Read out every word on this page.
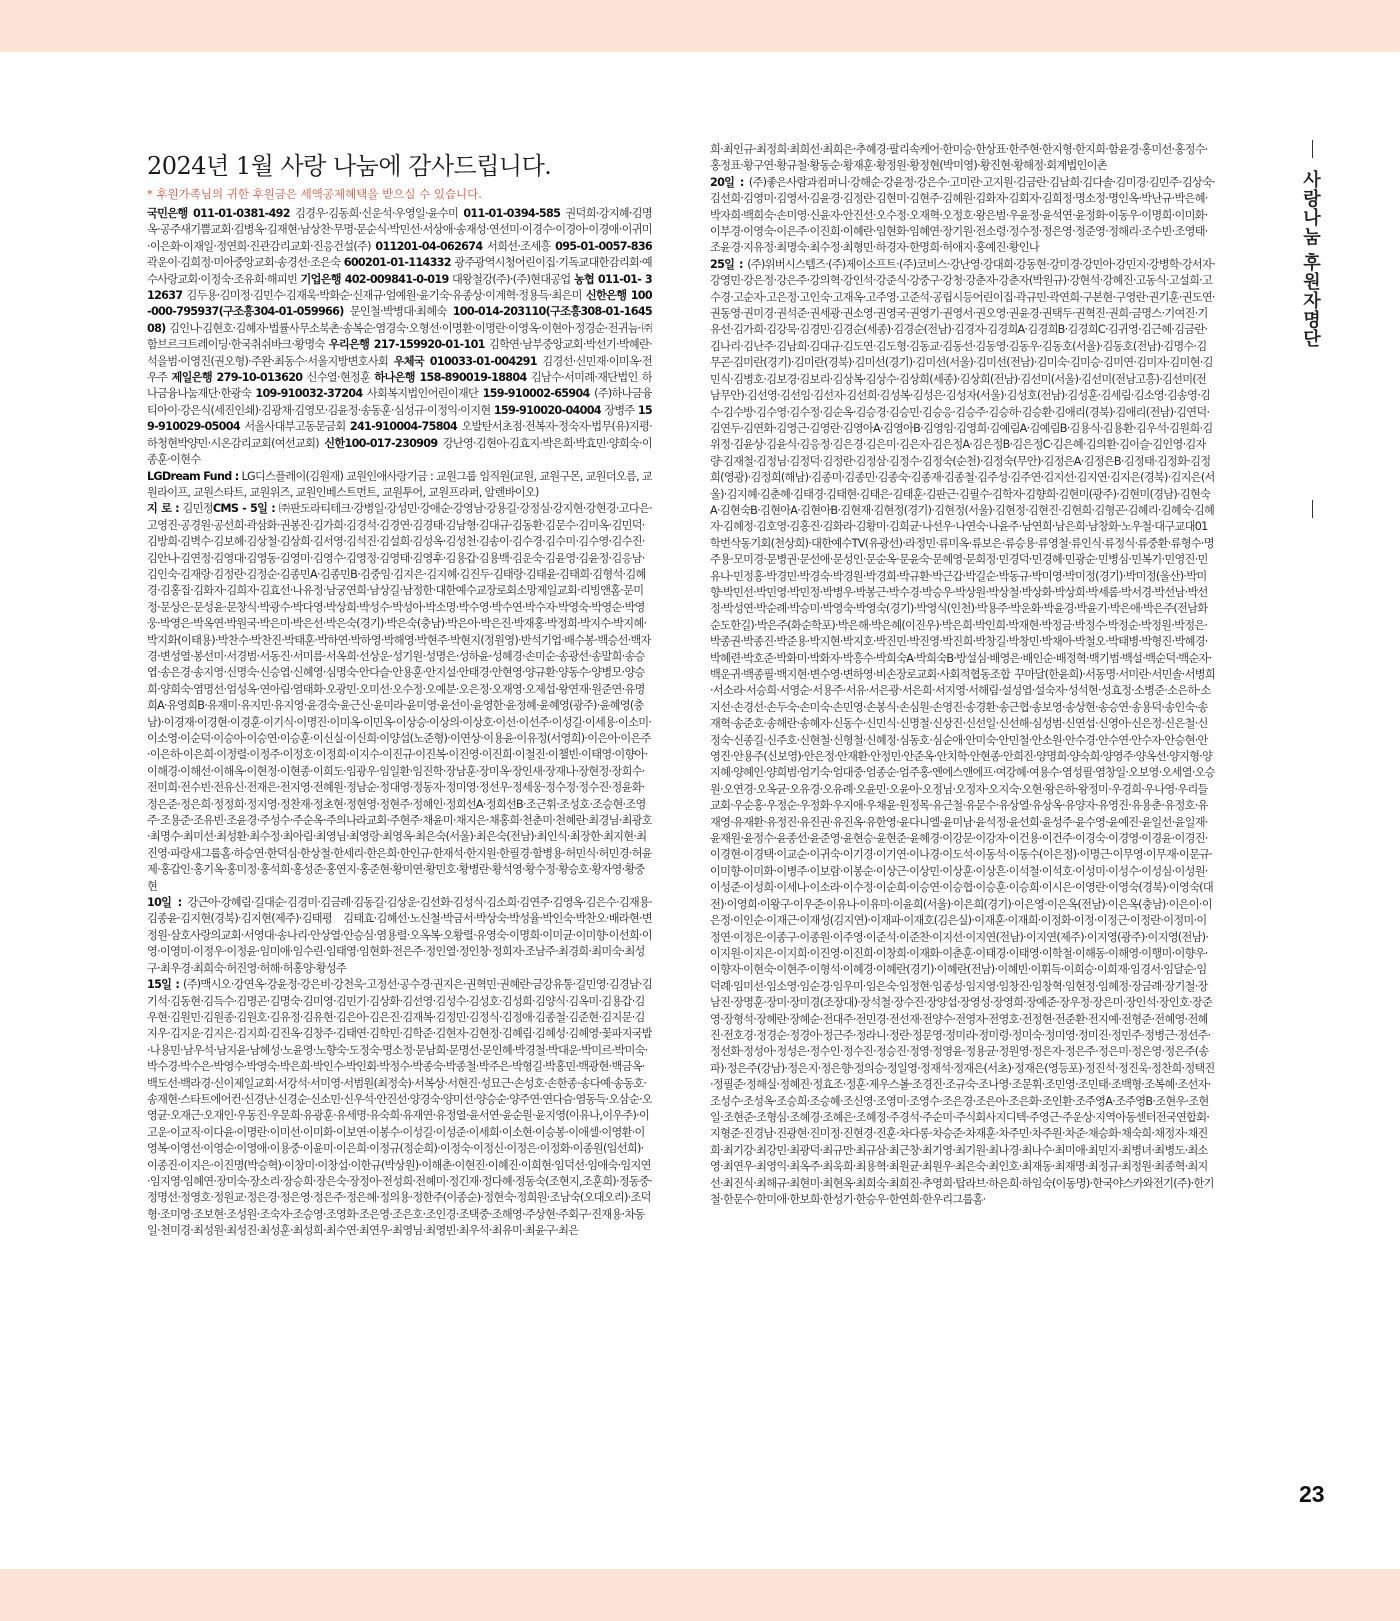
2024년 1월 사랑 나눔에 감사드립니다.
* 후원가족님의 귀한 후원금은 세액공제혜택을 받으실 수 있습니다.

국민은행 011-01-0381-492 김경우·김동희·신운석·우영일·윤수미 011-01-0394-585 권덕희·강지혜·김명옥·공주새기쁨교회·김병옥·김재현·남상찬·무명·문순식·박민선·서상애·송재성·연선미·이경수·이경아·이경애·이귀미·이은화·이재일·정연희·진관감리교회·진응건설(주) 011201-04-062674 서희선·조세흥 095-01-0057-836 곽운이·김희정·미아중앙교회·송경선·조은숙 600201-01-114332 광주광역시청어린이집·기독교대한감리회·예수사랑교회·이정숙·조유희·해피빈 기업은행 402-009841-0-019 대왕철강(주)·(주)현대공업 농협 011-01- 312637 김두용·김미정·김민수·김재욱·박화순·신재규·엄예원·윤기숙·유종상·이계혁·정용득·최은미 신한은행 100-000-795937(구조흥304-01-059966) 문인철·박병대·최혜숙 100-014-203110(구조흥308-01-164508) 김인나·김현호·김혜자·법률사무소북촌·송복순·염경숙·오형선·이명환·이명란·이영옥·이현아·정경순·전귀늠·㈜함브르크트레이딩·한국취쉬바크·황명숙 우리은행 217-159920-01-101 김학연·남부중앙교회·박선기·박혜란·석을범·이영진(권오형)·주완·최동수·서울지방변호사회 우체국 010033-01-004291 김경선·신민재·이미옥·전우주 제일은행 279-10-013620 신수열·현정훈 하나은행 158-890019-18804 김남수·서미례·재단법인 하나금융나눔재단·한광숙 109-910032-37204 사회복지법인어린이재단 159-910002-65904 (주)하나금융티아이·강은식(세진인쇄)·김광채·김영모·김윤정·송동훈·심성규·이정익·이지현 159-910020-04004 장병주 159-910029-05004 서울사대부고동문금회 241-910004-75804 오발탄서초점·전복자·정숙자·법무(유)지평·하청현박양민·시온감리교회(여선교회) 신한100-017-230909 강난영·김현아·김효지·박은희·박효민·양희숙·이종훈·이현수

LGDream Fund : LG디스플레이(김원재) 교원인애사랑기금 : 교원그룹 임직원(교원, 교원구몬, 교원더오름, 교원라이프, 교원스타트, 교원위즈, 교원인베스트먼트, 교원투어, 교원프라퍼, 알렌바이오)

지 로 : 김민정CMS - 5일 : ㈜판도라티테크·강병일·강성민·강애순·강영남·강용길·강정심·강지현·강현경·고다은·고영진·공경원·공선희·곽삼화·권봉진·김가희·김경석·김경연·김경태·김남형·김대규·김동환·김문수·김미옥·김민덕·김방희·김벽수·김보혜·김상철·김상희·김서영·김석진·김설희·김성옥·김성천·김송이·김수경·김수미·김수영·김수진·김안나·김연정·김영대·김영동·김영미·김영수·김영정·김영태·김영후·김용갑·김용백·김운숙·김윤영·김윤정·김응남·김인숙·김재랑·김정란·김정순·김종민A·김종민B·김중임·김지은·김지혜·김진두·김태랑·김태윤·김태희·김형석·김혜경·김홍집·김화자·김희자·김효선·나유정·남궁연희·남상길·남정한·대한예수교장로회소망제일교회·리빙앤홈·문미정·문상은·문성윤·문창식·박광수·박다영·박상희·박성수·박성아·박소명·박수영·박수연·박수자·박영숙·박영순·박영웅·박영은·박옥연·박원국·박은미·박은선·박은숙(경기)·박은숙(충남)·박은아·박은진·박재홍·박정희·박지수·박지혜·박지화(이태용)·박찬수·박찬진·박태훈·박하연·박하영·박해영·박현주·박현지(정원영)·반석기업·배수봉·백승선·백자경·변성열·봉선미·서경범·서동진·서미름·서옥희·선상운·성기원·성명은·성하윤·성혜경·손미순·송광선·송말희·송승엽·송은경·송지영·신명숙·신승엽·신혜영·심명숙·안다슬·안용훈·안지설·안태경·안현영·양규환·양동수·양병모·양승희·양희숙·염명선·엄성옥·연아림·염태화·오광민·오미선·오수정·오예분·오은정·오재영·오제섭·왕연재·원준연·유명희A·유영희B·유재미·유지민·유지영·윤경숙·윤근신·윤미라·윤미영·윤선이·윤영한·윤정혜·윤혜영(광주)·윤혜영(충남)·이경재·이경현·이경훈·이기식·이명진·이미옥·이민옥·이상승·이상의·이상호·이선·이선주·이성길·이세용·이소미·이소영·이순덕·이승아·이승연·이승훈·이신실·이신희·이양섭(노준형)·이연상·이용윤·이유정(서영희)·이은아·이은주·이은하·이은희·이정렬·이정주·이정호·이정희·이지수·이진규·이진복·이진영·이진희·이철진·이챌빈·이태영·이향아·이해경·이해선·이해옥·이현정·이현종·이희도·임광우·임일환·임진학·장남훈·장미옥·장인새·장재나·장현정·장희수·전미희·전수빈·전유신·전재은·전지영·전혜원·정남순·정대영·정동자·정미영·정선우·정세웅·정수정·정수진·정윤화·정은준·정은희·정정희·정지영·정찬재·정초현·정현영·정현주·정혜인·정희선A·정희선B·조근휘·조성호·조승현·조영주·조용준·조유빈·조윤경·주성수·주순옥·주의나라교회·주현주·채윤미·채지은·채홍희·천춘미·천혜란·최경님·최광호·최명수·최미선·최성환·최수정·최아림·최영님·최영랑·최영옥·최은숙(서울)·최은숙(전남)·최인식·최장한·최지현·최진영·파랑새그룹홈·하승연·한덕심·한상철·한세리·한은희·한인규·한재석·한지원·한필경·함병용·허민식·허민경·허윤제·홍갑인·홍기옥·홍미정·홍석희·홍성준·홍연지·홍준현·황미연·황민호·황병란·황석영·황수정·황승호·황자영·황중현

10일 : 강근아·강혜림·길대순·김경미·김금례·김동길·김상운·김선화·김성식·김소희·김연주·김영옥·김은수·김재용·김종윤·김지현(경북)·김지현(제주)·김태평 김태효·김혜선·노신철·박금서·박상숙·박성율·박인숙·박찬오·배라현·변정원·삼호사랑의교회·서영대·송나리·안상열·안승심·염용렬·오옥복·오황렬·유영숙·이명희·이미균·이미향·이선희·이영·이영미·이정우·이정윤·임미애·임수린·임태영·임현화·전은주·정인열·정인창·정희자·조남주·최경희·최미숙·최성구·최우경·최희숙·허진영·허해·허홍양·황성주

15일 : (주)맥시오·강연옥·강윤정·강은비·강천욱·고정선·공수경·권지은·권혁민·권혜란·금강유통·길민영·김경남·김기석·김동현·김득수·김명곤·김명숙·김미영·김민기·김상화·김선영·김성수·김성호·김성희·김양식·김옥미·김용갑·김우현·김원민·김원종·김원호·김유정·김유현·김은아·김은진·김재복·김정민·김정식·김정애·김종철·김준현·김지문·김지우·김지운·김지은·김지희·김진옥·김창주·김태연·김학민·김학준·김현자·김현정·김혜림·김혜성·김혜영·꽃파지국밥·나용민·남우석·남지윤·남혜성·노윤영·노향숙·도정숙·명소정·문남희·문명선·문인혜·박경철·박대운·박미르·박미숙·박수경·박수은·박영수·박영숙·박은희·박인수·박인회·박정수·박종숙·박종철·박주은·박형길·박홍민·백광현·백금옥·백도선·백라경·신이제일교회·서강석·서미영·서범원(최정숙)·서복상·서현진·성묘근·손성호·손한종·송다예·송동호·송재현·스타트에어컨·신경난·신경순·신소민·신우석·안진선·양경숙·양미선·양승순·양주연·연다슴·염동득·오삼순·오영균·오재근·오재인·우동진·우문희·유광훈·유세명·유숙희·유재연·유정열·윤서연·윤순원·윤지영(이유나,이우주)·이고운·이교직·이다윤·이명란·이미선·이미화·이보연·이봉수·이성길·이성준·이세희·이소현·이승봉·이애셀·이영환·이영복·이영선·이영순·이영애·이용중·이윤미·이은희·이정규(정순희)·이정숙·이정신·이정은·이정화·이종원(임선희)·이종진·이지은·이진명(박승혁)·이창미·이창섭·이한규(박상원)·이해춘·이현진·이혜진·이희현·임덕선·임애숙·임지연·임지영·임혜연·장미숙·장소리·장승희·장은숙·장정아·전성희·전혜미·정긴재·정다혜·정동숙(조현지,조훈희)·정동중·정명선·정영호·정원교·정은경·정은영·정은주·정은혜·정의용·정한주(이종순)·정현숙·정희원·조남숙(오대오리)·조덕형·조미영·조보현·조성원·조숙자·조승영·조영화·조은영·조은호·조인경·조택중·조해영·주상현·주회구·진재용·차동일·천미경·최성원·최성진·최성훈·최성희·최수연·최연우·최영님·최영빈·최우석·최유미·최윤구·최은

희·최인규·최정희·최희선·최희은·추혜경·팔리속케어·한미승·한상표·한주현·한지형·한지희·함윤경·홍미선·홍정수·홍정표·황구연·황규철·황동순·황재훈·황정원·황정현(박미영)·황진현·황해정·회계법인이촌

20일 : (주)좋은사람과컴퍼니·강해순·강윤정·강은수·고미란·고지원·김금란·김남희·김다솔·김미경·김민주·김상숙·김선희·김영미·김영서·김윤경·김정란·김현미·김현주·김혜원·김화자·김회자·김희정·명소정·명인옥·박난규·박은혜·박자희·백희숙·손미영·신윤자·안진선·오수정·오재혁·오정호·왕은범·우윤정·윤석연·윤정화·이동우·이명희·이미화·이부경·이영숙·이은주·이진희·이혜란·임현화·임혜연·장기원·전소령·정수정·정은영·정준영·정해리·조수빈·조영태·조윤경·지유정·최명숙·최수정·최형민·하경자·한명희·허애지·홍예진·황인나

25일 : (주)위버시스템즈·(주)제이소프트·(주)코비스·강난영·강대희·강동현·강미경·강민아·강민지·강병학·강서자·강영민·강은정·강은주·강의혁·강인석·강준식·강중구·강청·강춘자·강춘자(박원규)·강현석·강혜진·고동식·고설희·고수경·고순자·고은정·고인숙·고재옥·고주영·고준석·공립시등어린이집·곽규민·곽연희·구본현·구영란·권기훈·권도연·권동영·권미경·권석준·권세광·권소영·권영국·권영기·권영서·권오영·권윤경·권택두·권혁진·권희·금명스·기여진·기유선·김가희·김강묵·김경민·김경순(세종)·김경순(전남)·김경자·김경희A·김경희B·김경희C·김귀영·김근혜·김금란·김나리·김난주·김남희·김대규·김도연·김도형·김동교·김동선·김동영·김동우·김동호(서울)·김동호(전남)·김명수·김무곤·김미란(경기)·김미란(경북)·김미선(경기)·김미선(서울)·김미선(전남)·김미숙·김미승·김미연·김미자·김미현·김민식·김병호·김보경·김보리·김상복·김상수·김상희(세종)·김상희(전남)·김선미(서울)·김선미(전남고흥)·김선미(전남무안)·김선영·김선임·김선자·김선희·김성복·김성은·김성자(서울)·김성호(전남)·김성훈·김세림·김소영·김송영·김수·김수방·김수영·김수정·김순옥·김승경·김승민·김승응·김승주·김승하·김승환·김애리(경북)·김애리(전남)·김연덕·김연두·김연화·김영근·김영란·김영아A·김영아B·김영임·김영희·김예림A·김예림B·김용식·김용환·김우석·김원희·김위정·김윤상·김윤식·김응정·김은경·김은미·김은자·김은정A·김은정B·김은정C·김은혜·김의환·김이슬·김인영·김자량·김재철·김정님·김정덕·김정란·김정삼·김정수·김정숙(순천)·김정숙(무안)·김정은A·김정은B·김정태·김정화·김정희(영광)·김정희(해남)·김종미·김종민·김종숙·김종재·김종철·김주성·김주연·김지선·김지연·김지은(경북)·김지은(서울)·김지혜·김춘혜·김태경·김태현·김태은·김태훈·김판근·김필수·김학자·김향희·김현미(광주)·김현미(경남)·김현숙A·김현숙B·김현아A·김현아B·김현재·김현정(경기)·김현정(서울)·김현정·김현진·김현희·김형곤·김혜리·김혜숙·김혜자·김혜정·김호영·김홍진·김화라·김황미·김희균·나선우·나연숙·나윤주·남연희·남은희·남창화·노우철·대구교대01학번삭동기회(천상희)·대한예수TV(유광선)·라정민·류미옥·류보은·류승용·류영철·류인식·류정식·류중환·류형수·명주용·모미경·문병권·문선애·문성인·문순옥·문윤숙·문혜영·문희정·민경덕·민경혜·민광순·민병심·민복기·민영진·민유나·민정홍·박경민·박경숙·박경원·박경희·박규환·박근갑·박길순·박동규·박미영·박미정(경기)·박미정(울산)·박미향·박민선·박민영·박민정·박병우·박봉근·박수경·박승우·박상원·박상철·박상화·박상희·박세롬·박서경·박선남·박선정·박성연·박순례·박승미·박영숙·박영숙(경기)·박영식(인천)·박용주·박운화·박윤경·박윤기·박은애·박은주(전남화순도한길)·박은주(화순학포)·박은해·박은혜(이진우)·박은희·박인희·박재현·박정금·박정수·박정순·박정원·박정은·박종권·박종진·박준용·박지현·박지호·박진민·박진영·박진희·박창길·박창민·박채아·박철오·박태병·박형진·박혜경·박혜련·박호준·박화미·박화자·박흥수·박희숙A·박희숙B·방설심·배영은·배인순·배정혁·백기범·백설·백순덕·백순자·백운귀·백종필·백지현·변수영·변하영·비손장로교회·사회적협동조합 꾸마달(한윤희)·서동명·서미란·서민솔·서병희·서소라·서승희·서영순·서용주·서유·서은광·서은희·서지영·서해림·설성엽·설숙자·성석현·성효정·소병준·소은하·소지선·손경선·손두숙·손미숙·손민영·손봉식·손심원·손영진·송경환·송근협·송보영·송상현·송승연·송용덕·송인숙·송재혁·송준호·송해란·송혜자·신동수·신민식·신명철·신상진·신선일·신선해·심성범·신연섭·신영아·신은정·신은철·신정숙·신종길·신주호·신현철·신형철·신혜정·심동호·심순애·안미숙·안민철·안소원·안수경·안수연·안수자·안승현·안영진·안용주(신보영)·안은정·안재환·안정민·안준옥·안치학·안현종·안희진·양명희·양숙희·양영주·양옥선·양지형·양지혜·양혜인·양희범·엄기숙·엄대중·엄종순·엄주홍·엔에스앤에프·여강혜·여용수·염성필·염창일·오보영·오세열·오승원·오연경·오옥균·오유경·오유례·오윤민·오윤아·오정님·오정자·오지숙·오현·왕은하·왕정미·우경희·우나영·우리들교회·우순홍·우정순·우정화·우지애·우채윤·원정목·유근철·유문수·유상열·유상옥·유양자·유영진·유용춘·유정호·유재영·유재환·유정진·유진권·유진옥·유한영·윤다니엘·윤미남·윤석정·윤선희·윤성주·윤수영·윤예진·윤일선·윤일재·윤재원·윤정수·윤종선·윤준영·윤현승·윤현준·윤혜경·이강문·이강자·이건용·이건주·이경숙·이경영·이경윤·이경진·이경현·이경택·이교순·이귀숙·이기경·이기연·이나경·이도석·이동석·이동수(이은정)·이명근·이무영·이무재·이문규·이미향·이미화·이병주·이보람·이봉순·이상근·이상민·이상훈·이상흔·이석철·이석호·이성미·이성수·이성심·이성원·이성준·이성희·이세나·이소라·이수정·이순희·이승연·이승협·이승훈·이승희·이시은·이영란·이영숙(경북)·이영숙(대전)·이영희·이왕구·이우준·이유나·이유미·이윤희(서울)·이은희(경기)·이은영·이은옥(전남)·이은옥(충남)·이은이·이은정·이인순·이재근·이재성(김지연)·이재파·이재호(김은실)·이재훈·이재희·이정화·이정·이정근·이정란·이정미·이정연·이정은·이종구·이종원·이주영·이준석·이준찬·이지선·이지연(전남)·이지연(제주)·이지영(광주)·이지영(전남)·이지원·이지은·이지희·이진영·이진희·이창희·이재화·이춘훈·이태경·이태영·이학철·이해동·이해영·이행미·이향우·이향자·이현숙·이현주·이형석·이혜경·이혜란(경기)·이혜란(전남)·이혜빈·이휘득·이희승·이희재·임경서·임달순·임덕례·임미선·임소영·임순경·임우미·임은숙·임정현·임종성·임지영·임창진·임창혁·임현정·임혜정·장금례·장기철·장남진·장명훈·장미·장미경(조장대)·장석철·장수진·장양섭·장영성·장영희·장예준·장우정·장은미·장인석·장인호·장준영·장형석·장혜란·장혜순·전대주·전민경·전선재·전양수·전영자·전영호·전정현·전준환·전지예·전형준·전혜영·전혜진·전호경·정경순·정경아·정근주·정라니·정란·정문영·정미라·정미령·정미숙·정미영·정미진·정민주·정병근·정선주·정선화·정성아·정성은·정수인·정수진·정승진·정영·정영윤·정용균·정원영·정은자·정은주·정은미·정은영·정은주(송파)·정은주(강남)·정은지·정은향·정의승·정일영·정재석·정재은(서초)·정재은(영등포)·정진석·정진욱·정찬희·정택진·정필준·정해실·정혜진·정효조·정훈·제우스볼·조경진·조규숙·조나영·조문휘·조민영·조민태·조백형·조복혜·조선자·조성수·조성옥·조승희·조승혜·조신영·조영미·조영수·조은경·조은아·조은화·조인환·조주영A·조주영B·조현우·조현일·조현준·조형심·조혜경·조혜은·조혜정·주경석·주순미·주식회사지디텍·주영근·주운상·지역아동센터전국연합회·지형준·진경남·진광현·진미정·진현경·진훈·차다롱·차승준·차재훈·차주민·차주원·차준·채승화·채숙희·채정자·채진희·최기강·최강민·최광덕·최규만·최규삼·최근창·최기영·최기원·최나경·최나수·최미애·최민지·최병녀·최병도·최소영·최연우·최영익·최옥주·최욱희·최용혁·최원균·최원우·최은숙·최인호·최재동·최재명·최정규·최정원·최종혁·최지선·최진식·최해규·최현미·최현옥·최희숙·최희진·추영희·탑라브·하은희·하임숙(이동명)·한국야스카와전기(주)·한기철·한문수·한미애·한보희·한성기·한승우·한연희·한우리그룹홈·

사랑나눔 후원자명단
23
